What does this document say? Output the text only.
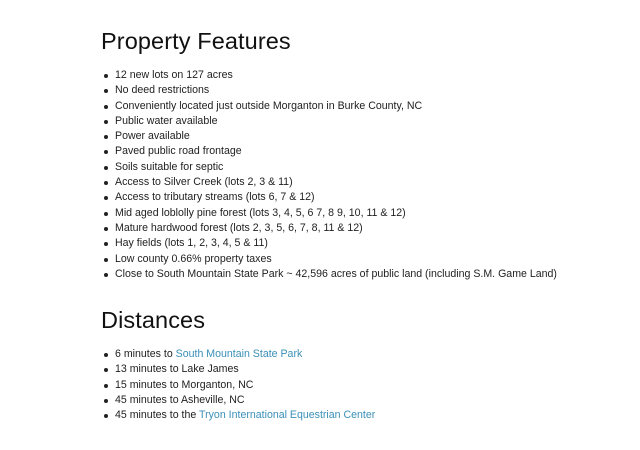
Property Features
12 new lots on 127 acres
No deed restrictions
Conveniently located just outside Morganton in Burke County, NC
Public water available
Power available
Paved public road frontage
Soils suitable for septic
Access to Silver Creek (lots 2, 3 & 11)
Access to tributary streams (lots 6, 7 & 12)
Mid aged loblolly pine forest (lots 3, 4, 5, 6 7, 8 9, 10, 11 & 12)
Mature hardwood forest (lots 2, 3, 5, 6, 7, 8, 11 & 12)
Hay fields (lots 1, 2, 3, 4, 5 & 11)
Low county 0.66% property taxes
Close to South Mountain State Park ~ 42,596 acres of public land (including S.M. Game Land)
Distances
6 minutes to South Mountain State Park
13 minutes to Lake James
15 minutes to Morganton, NC
45 minutes to Asheville, NC
45 minutes to the Tryon International Equestrian Center
